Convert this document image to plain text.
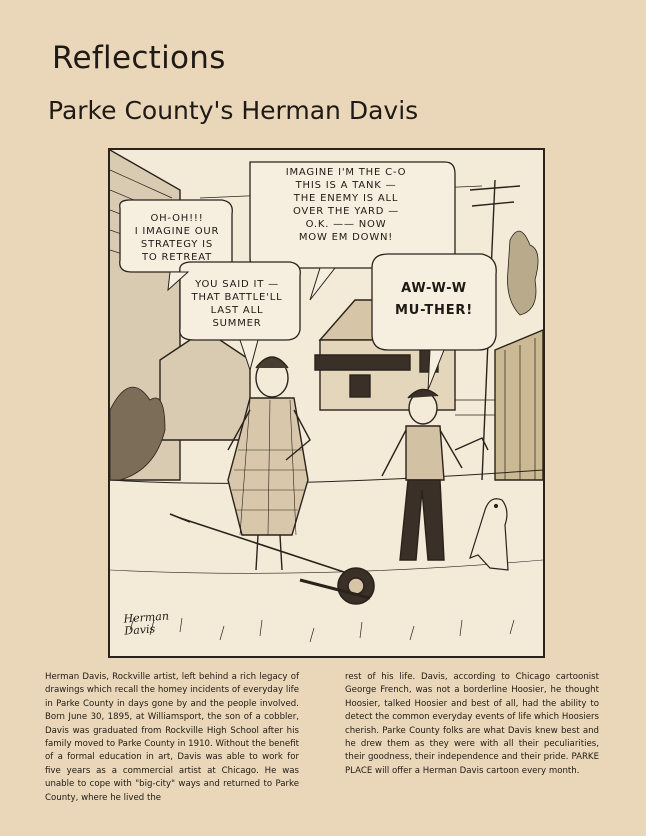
Reflections
Parke County's Herman Davis
IMAGINE I'M THE C-O
THIS IS A TANK —
THE ENEMY IS ALL
OVER THE YARD —
O.K. —— NOW
MOW EM DOWN!
OH-OH!!!
I IMAGINE OUR
STRATEGY IS
TO RETREAT
YOU SAID IT —
THAT BATTLE'LL
LAST ALL
SUMMER
AW-W-W
MU-THER!
Herman
Davis
Herman Davis, Rockville artist, left behind a rich legacy of drawings which recall the homey incidents of everyday life in Parke County in days gone by and the people involved. Born June 30, 1895, at Williamsport, the son of a cobbler, Davis was graduated from Rockville High School after his family moved to Parke County in 1910. Without the benefit of a formal education in art, Davis was able to work for five years as a commercial artist at Chicago. He was unable to cope with "big-city" ways and returned to Parke County, where he lived the
rest of his life. Davis, according to Chicago cartoonist George French, was not a borderline Hoosier, he thought Hoosier, talked Hoosier and best of all, had the ability to detect the common everyday events of life which Hoosiers cherish. Parke County folks are what Davis knew best and he drew them as they were with all their peculiarities, their goodness, their independence and their pride. PARKE PLACE will offer a Herman Davis cartoon every month.
